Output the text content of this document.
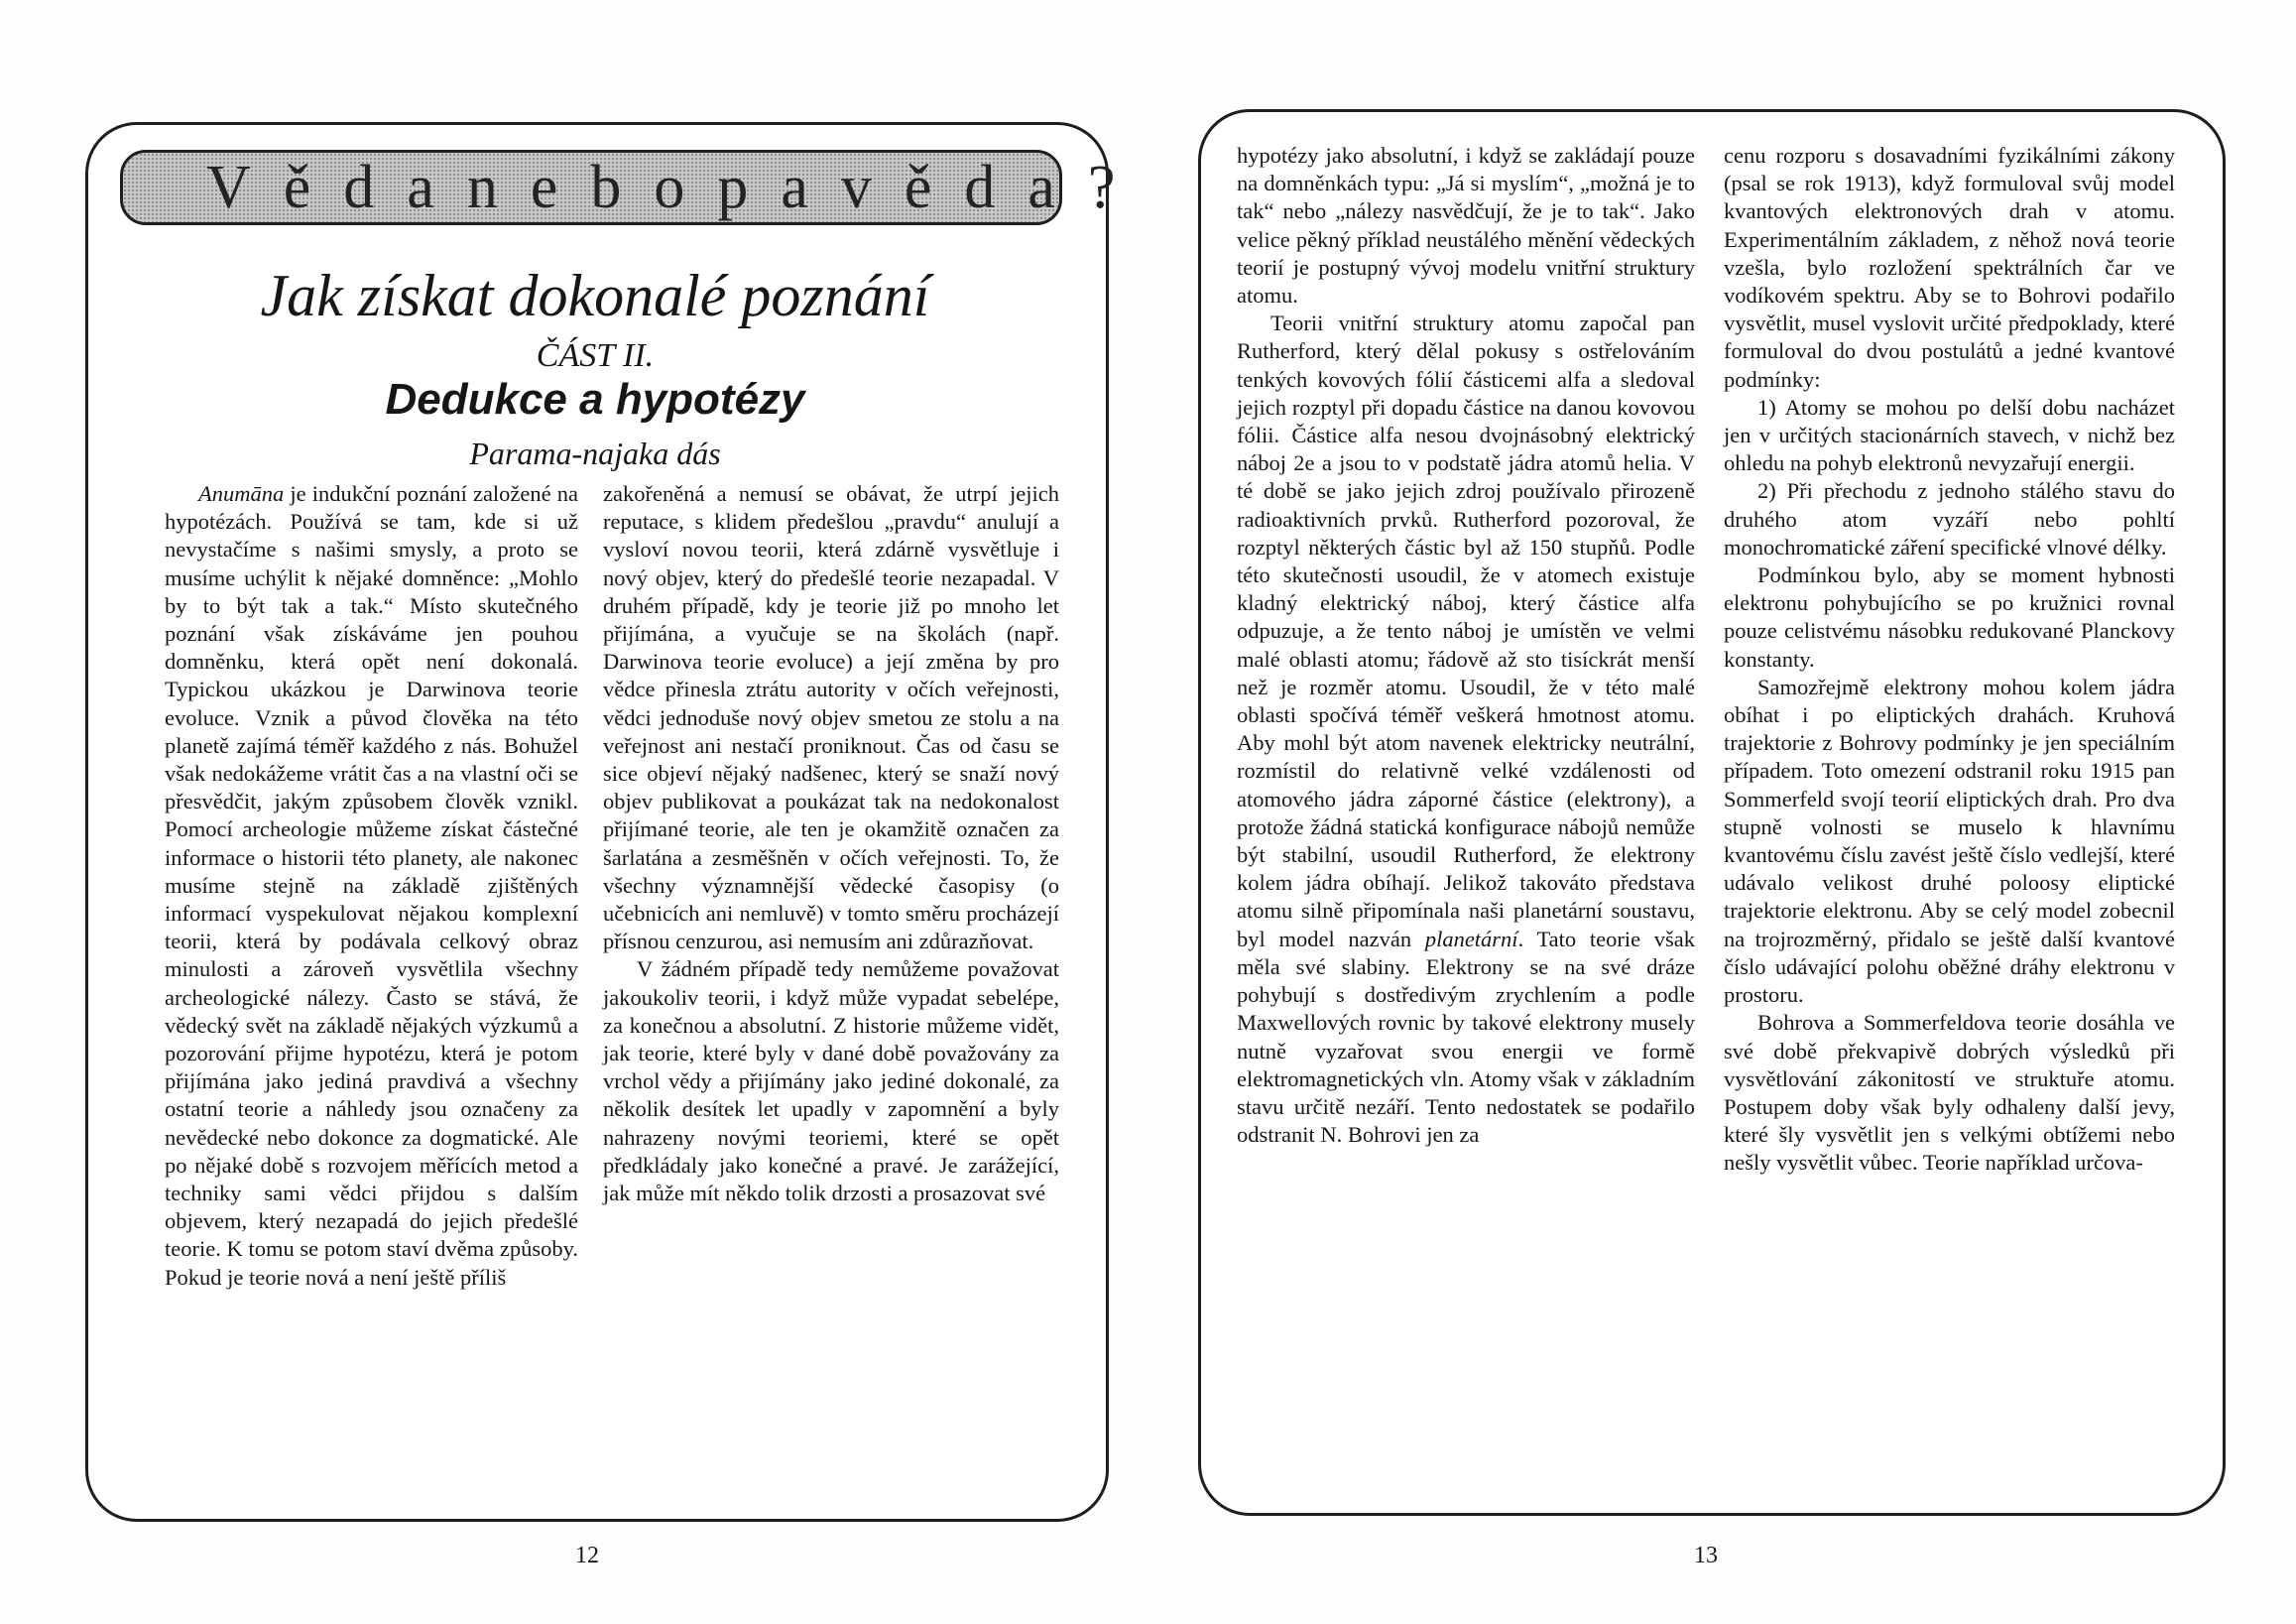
Věda nebo pavěda?
Jak získat dokonalé poznání
ČÁST II.
Dedukce a hypotézy
Parama-najaka dás

Anumāna je indukční poznání založené na hypotézách. Používá se tam, kde si už nevystačíme s našimi smysly, a proto se musíme uchýlit k nějaké domněnce: „Mohlo by to být tak a tak.“ Místo skutečného poznání však získáváme jen pouhou domněnku, která opět není dokonalá. Typickou ukázkou je Darwinova teorie evoluce. Vznik a původ člověka na této planetě zajímá téměř každého z nás. Bohužel však nedokážeme vrátit čas a na vlastní oči se přesvědčit, jakým způsobem člověk vznikl. Pomocí archeologie můžeme získat částečné informace o historii této planety, ale nakonec musíme stejně na základě zjištěných informací vyspekulovat nějakou komplexní teorii, která by podávala celkový obraz minulosti a zároveň vysvětlila všechny archeologické nálezy. Často se stává, že vědecký svět na základě nějakých výzkumů a pozorování přijme hypotézu, která je potom přijímána jako jediná pravdivá a všechny ostatní teorie a náhledy jsou označeny za nevědecké nebo dokonce za dogmatické. Ale po nějaké době s rozvojem měřících metod a techniky sami vědci přijdou s dalším objevem, který nezapadá do jejich předešlé teorie. K tomu se potom staví dvěma způsoby. Pokud je teorie nová a není ještě příliš

zakořeněná a nemusí se obávat, že utrpí jejich reputace, s klidem předešlou „pravdu“ anulují a vysloví novou teorii, která zdárně vysvětluje i nový objev, který do předešlé teorie nezapadal. V druhém případě, kdy je teorie již po mnoho let přijímána, a vyučuje se na školách (např. Darwinova teorie evoluce) a její změna by pro vědce přinesla ztrátu autority v očích veřejnosti, vědci jednoduše nový objev smetou ze stolu a na veřejnost ani nestačí proniknout. Čas od času se sice objeví nějaký nadšenec, který se snaží nový objev publikovat a poukázat tak na nedokonalost přijímané teorie, ale ten je okamžitě označen za šarlatána a zesměšněn v očích veřejnosti. To, že všechny významnější vědecké časopisy (o učebnicích ani nemluvě) v tomto směru procházejí přísnou cenzurou, asi nemusím ani zdůrazňovat.

V žádném případě tedy nemůžeme považovat jakoukoliv teorii, i když může vypadat sebelépe, za konečnou a absolutní. Z historie můžeme vidět, jak teorie, které byly v dané době považovány za vrchol vědy a přijímány jako jediné dokonalé, za několik desítek let upadly v zapomnění a byly nahrazeny novými teoriemi, které se opět předkládaly jako konečné a pravé. Je zarážející, jak může mít někdo tolik drzosti a prosazovat své

hypotézy jako absolutní, i když se zakládají pouze na domněnkách typu: „Já si myslím“, „možná je to tak“ nebo „nálezy nasvědčují, že je to tak“. Jako velice pěkný příklad neustálého měnění vědeckých teorií je postupný vývoj modelu vnitřní struktury atomu.

Teorii vnitřní struktury atomu započal pan Rutherford, který dělal pokusy s ostřelováním tenkých kovových fólií částicemi alfa a sledoval jejich rozptyl při dopadu částice na danou kovovou fólii. Částice alfa nesou dvojnásobný elektrický náboj 2e a jsou to v podstatě jádra atomů helia. V té době se jako jejich zdroj používalo přirozeně radioaktivních prvků. Rutherford pozoroval, že rozptyl některých částic byl až 150 stupňů. Podle této skutečnosti usoudil, že v atomech existuje kladný elektrický náboj, který částice alfa odpuzuje, a že tento náboj je umístěn ve velmi malé oblasti atomu; řádově až sto tisíckrát menší než je rozměr atomu. Usoudil, že v této malé oblasti spočívá téměř veškerá hmotnost atomu. Aby mohl být atom navenek elektricky neutrální, rozmístil do relativně velké vzdálenosti od atomového jádra záporné částice (elektrony), a protože žádná statická konfigurace nábojů nemůže být stabilní, usoudil Rutherford, že elektrony kolem jádra obíhají. Jelikož takováto představa atomu silně připomínala naši planetární soustavu, byl model nazván planetární. Tato teorie však měla své slabiny. Elektrony se na své dráze pohybují s dostředivým zrychlením a podle Maxwellových rovnic by takové elektrony musely nutně vyzařovat svou energii ve formě elektromagnetických vln. Atomy však v základním stavu určitě nezáří. Tento nedostatek se podařilo odstranit N. Bohrovi jen za

cenu rozporu s dosavadními fyzikálními zákony (psal se rok 1913), když formuloval svůj model kvantových elektronových drah v atomu. Experimentálním základem, z něhož nová teorie vzešla, bylo rozložení spektrálních čar ve vodíkovém spektru. Aby se to Bohrovi podařilo vysvětlit, musel vyslovit určité předpoklady, které formuloval do dvou postulátů a jedné kvantové podmínky:

1) Atomy se mohou po delší dobu nacházet jen v určitých stacionárních stavech, v nichž bez ohledu na pohyb elektronů nevyzařují energii.

2) Při přechodu z jednoho stálého stavu do druhého atom vyzáří nebo pohltí monochromatické záření specifické vlnové délky.

Podmínkou bylo, aby se moment hybnosti elektronu pohybujícího se po kružnici rovnal pouze celistvému násobku redukované Planckovy konstanty.

Samozřejmě elektrony mohou kolem jádra obíhat i po eliptických drahách. Kruhová trajektorie z Bohrovy podmínky je jen speciálním případem. Toto omezení odstranil roku 1915 pan Sommerfeld svojí teorií eliptických drah. Pro dva stupně volnosti se muselo k hlavnímu kvantovému číslu zavést ještě číslo vedlejší, které udávalo velikost druhé poloosy eliptické trajektorie elektronu. Aby se celý model zobecnil na trojrozměrný, přidalo se ještě další kvantové číslo udávající polohu oběžné dráhy elektronu v prostoru.

Bohrova a Sommerfeldova teorie dosáhla ve své době překvapivě dobrých výsledků při vysvětlování zákonitostí ve struktuře atomu. Postupem doby však byly odhaleny další jevy, které šly vysvětlit jen s velkými obtížemi nebo nešly vysvětlit vůbec. Teorie například určova-

12	13
